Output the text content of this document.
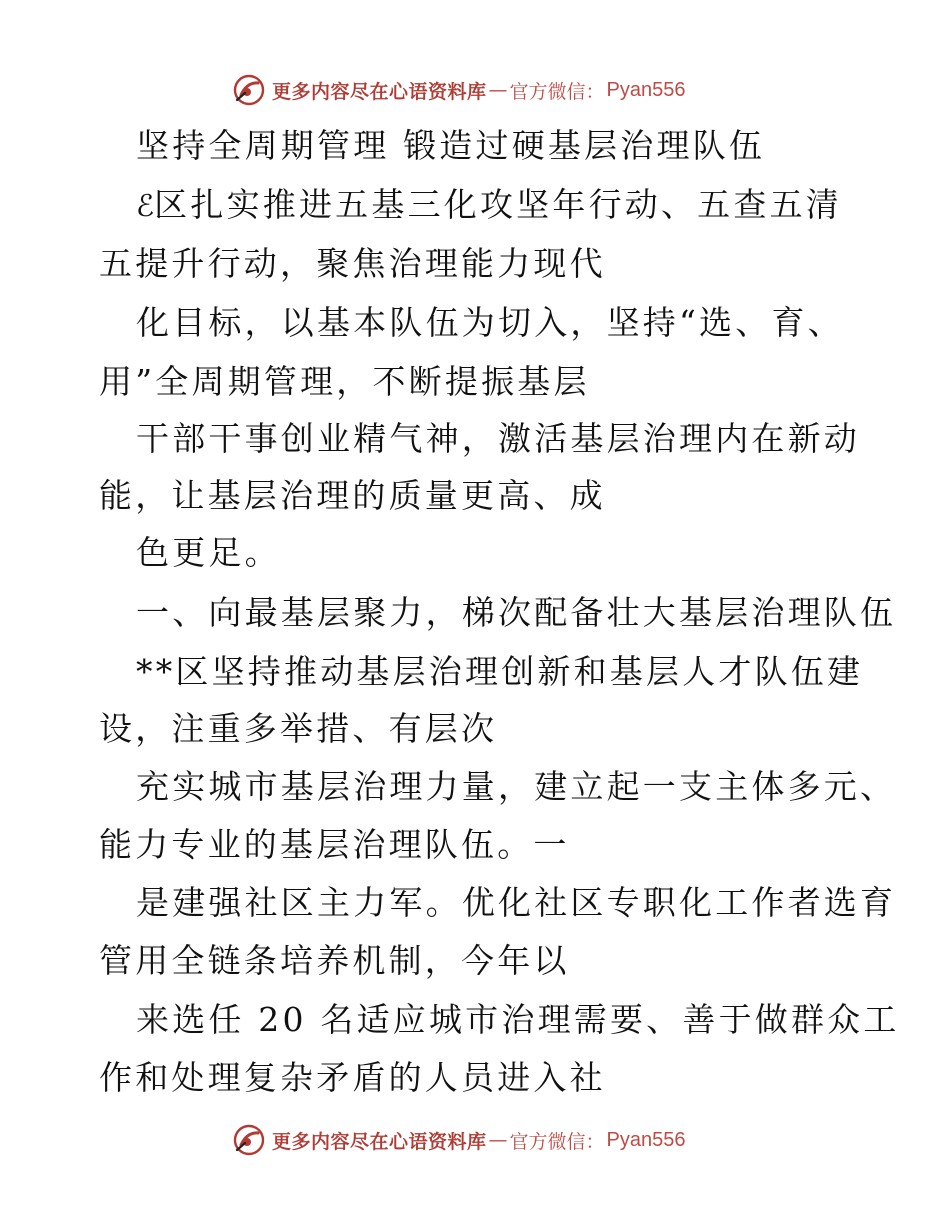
更多内容尽在心语资料库 — 官方微信： Pyan556
坚持全周期管理 锻造过硬基层治理队伍
ℰ区扎实推进五基三化攻坚年行动、五查五清
五提升行动，聚焦治理能力现代
化目标，以基本队伍为切入，坚持“选、育、
用”全周期管理，不断提振基层
干部干事创业精气神，激活基层治理内在新动
能，让基层治理的质量更高、成
色更足。
一、向最基层聚力，梯次配备壮大基层治理队伍
**区坚持推动基层治理创新和基层人才队伍建
设，注重多举措、有层次
充实城市基层治理力量，建立起一支主体多元、
能力专业的基层治理队伍。一
是建强社区主力军。优化社区专职化工作者选育
管用全链条培养机制，今年以
来选任 20 名适应城市治理需要、善于做群众工
作和处理复杂矛盾的人员进入社
更多内容尽在心语资料库 — 官方微信： Pyan556
